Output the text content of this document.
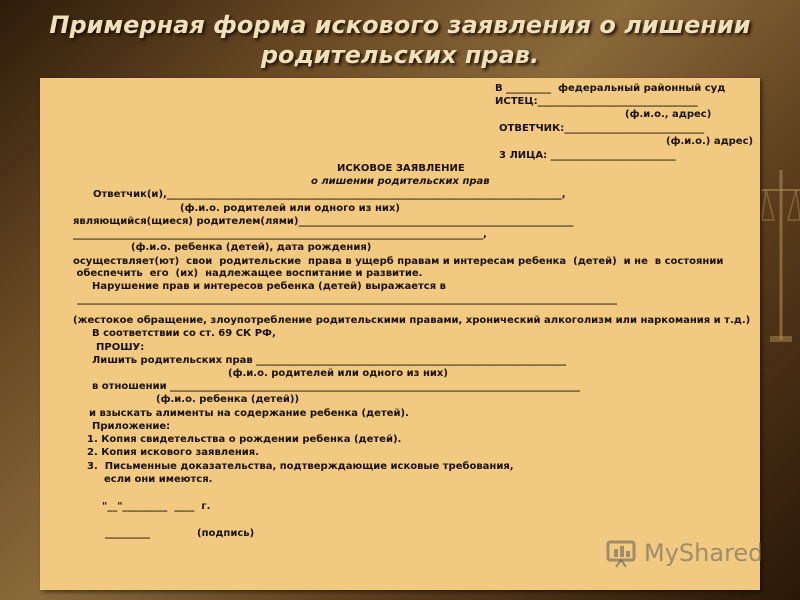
Примерная форма искового заявления о лишении
родительских прав.
В _________  федеральный районный суд
ИСТЕЦ:________________________________
(ф.и.о., адрес)
ОТВЕТЧИК:____________________________
(ф.и.о.) адрес)
3 ЛИЦА: _________________________
ИСКОВОЕ ЗАЯВЛЕНИЕ
о лишении родительских прав
Ответчик(и),_______________________________________________________________________________,
(ф.и.о. родителей или одного из них)
являющийся(щиеся) родителем(лями)_______________________________________________________
__________________________________________________________________________________,
(ф.и.о. ребенка (детей), дата рождения)
осуществляет(ют)  свои  родительские  права в ущерб правам и интересам ребенка  (детей)  и не  в состоянии
обеспечить  его  (их)  надлежащее воспитание и развитие.
Нарушение прав и интересов ребенка (детей) выражается в
____________________________________________________________________________________________________________
(жестокое обращение, злоупотребление родительскими правами, хронический алкоголизм или наркомания и т.д.)
В соответствии со ст. 69 СК РФ,
ПРОШУ:
Лишить родительских прав ______________________________________________________________
(ф.и.о. родителей или одного из них)
в отношении __________________________________________________________________________________
(ф.и.о. ребенка (детей))
и взыскать алименты на содержание ребенка (детей).
Приложение:
1. Копия свидетельства о рождении ребенка (детей).
2. Копия искового заявления.
3.  Письменные доказательства, подтверждающие исковые требования,
если они имеются.
"__"_________  ____  г.
_________	(подпись)
MyShared
